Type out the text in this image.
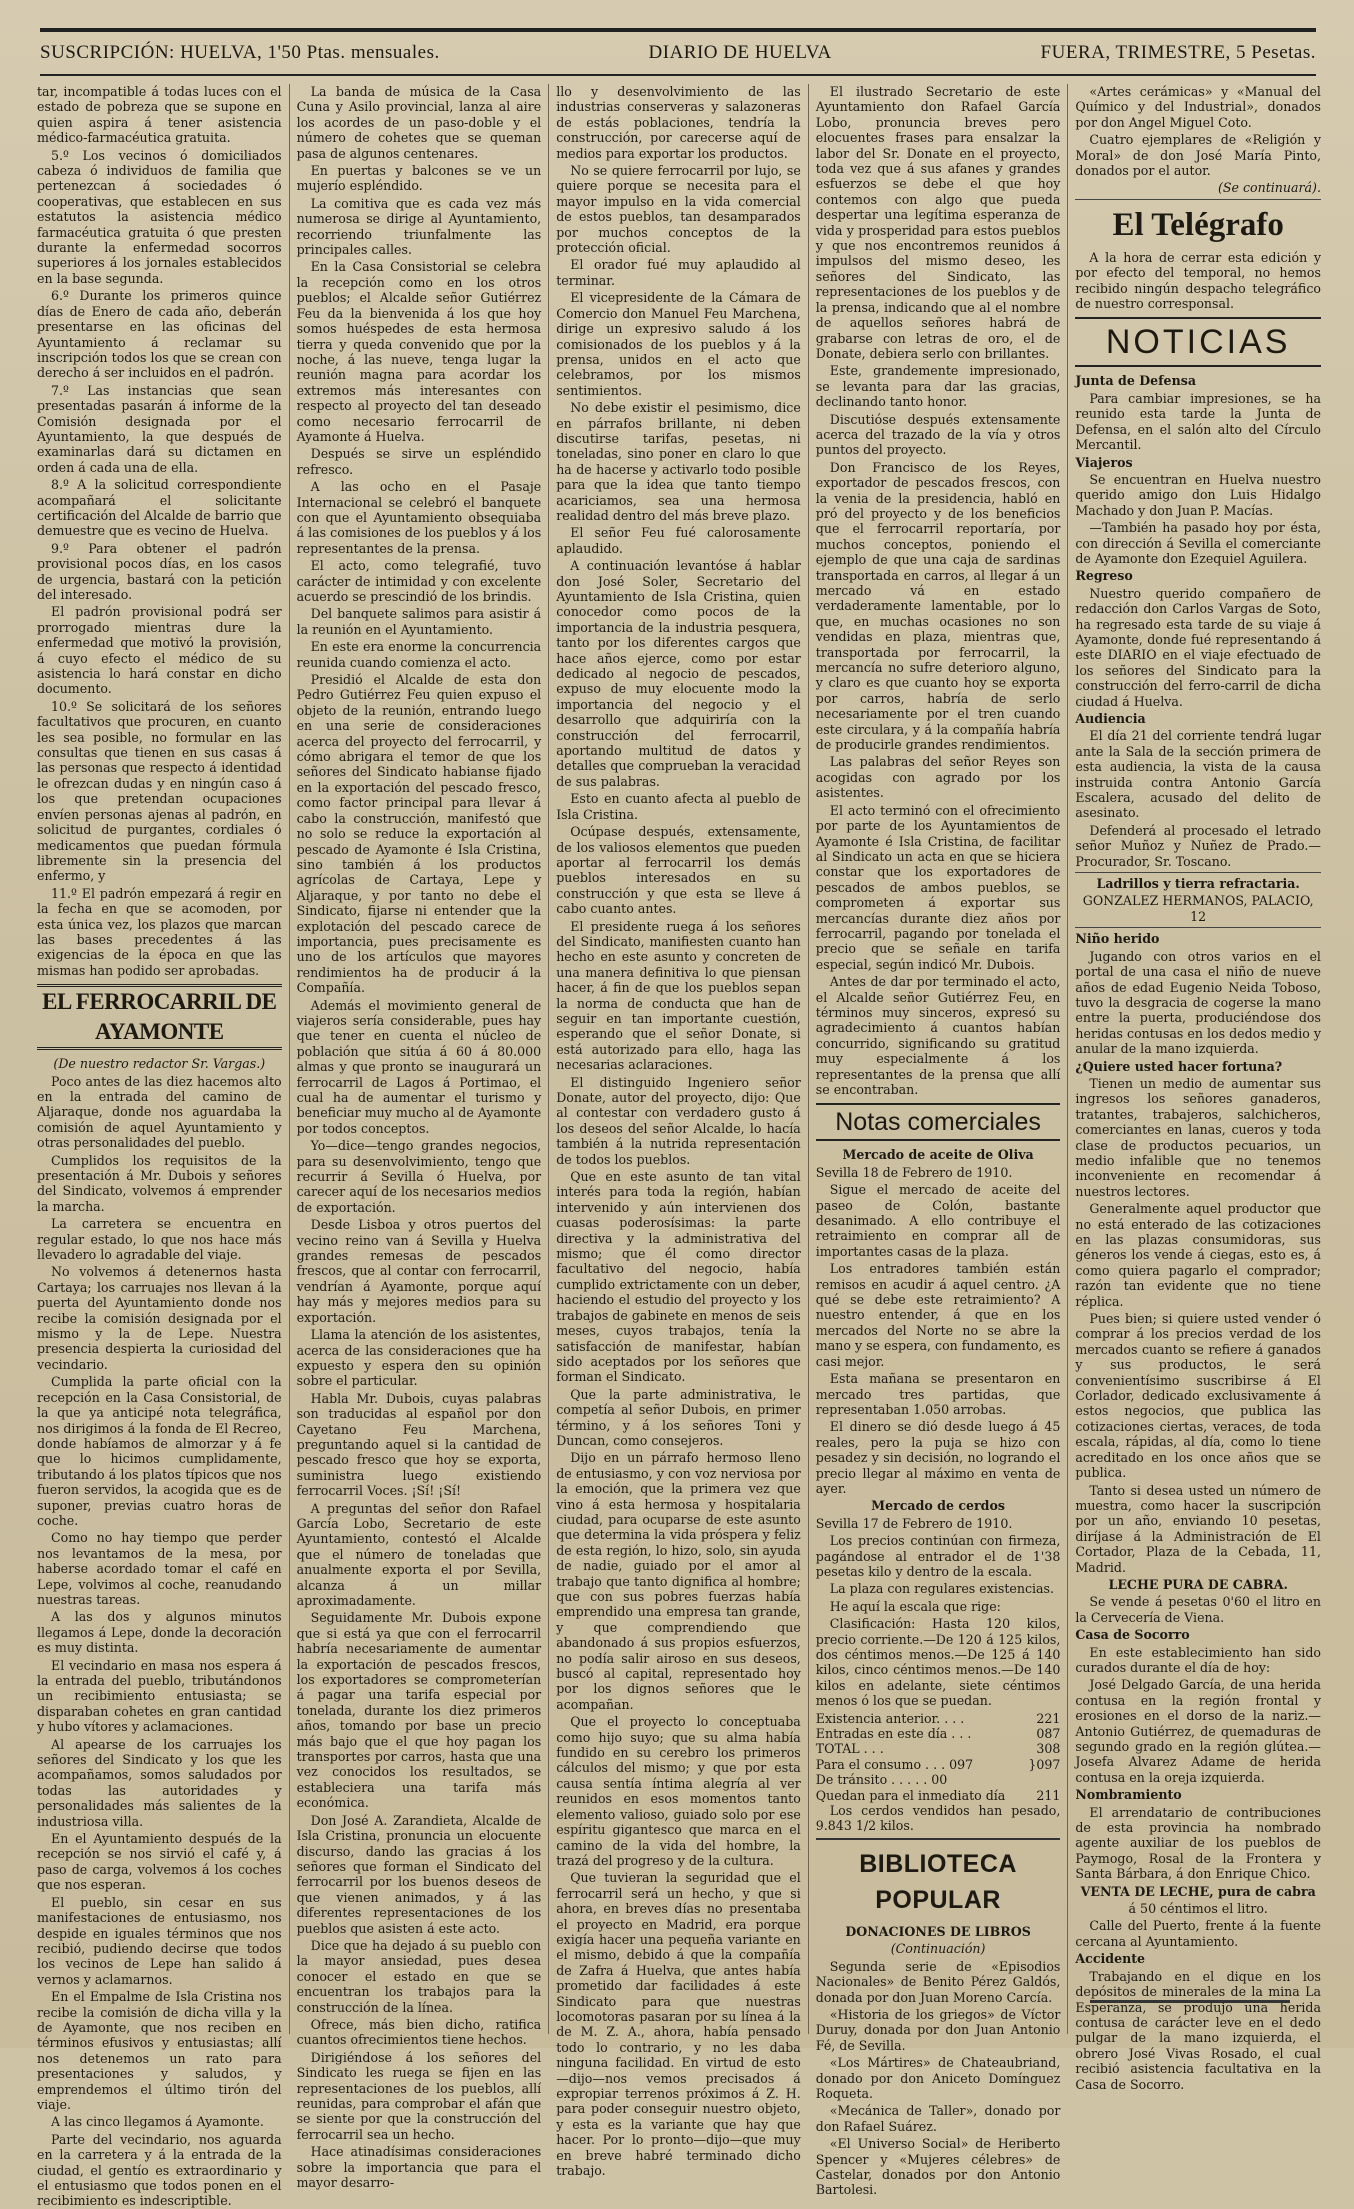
SUSCRIPCIÓN: HUELVA, 1'50 Ptas. mensuales.	DIARIO DE HUELVA	FUERA, TRIMESTRE, 5 Pesetas.

tar, incompatible á todas luces con el estado de pobreza que se supone en quien aspira á tener asistencia médico-farmacéutica gratuita.

5.º Los vecinos ó domiciliados cabeza ó individuos de familia que pertenezcan á sociedades ó cooperativas, que establecen en sus estatutos la asistencia médico farmacéutica gratuita ó que presten durante la enfermedad socorros superiores á los jornales establecidos en la base segunda.

6.º Durante los primeros quince días de Enero de cada año, deberán presentarse en las oficinas del Ayuntamiento á reclamar su inscripción todos los que se crean con derecho á ser incluidos en el padrón.

7.º Las instancias que sean presentadas pasarán á informe de la Comisión designada por el Ayuntamiento, la que después de examinarlas dará su dictamen en orden á cada una de ella.

8.º A la solicitud correspondiente acompañará el solicitante certificación del Alcalde de barrio que demuestre que es vecino de Huelva.

9.º Para obtener el padrón provisional pocos días, en los casos de urgencia, bastará con la petición del interesado.

El padrón provisional podrá ser prorrogado mientras dure la enfermedad que motivó la provisión, á cuyo efecto el médico de su asistencia lo hará constar en dicho documento.

10.º Se solicitará de los señores facultativos que procuren, en cuanto les sea posible, no formular en las consultas que tienen en sus casas á las personas que respecto á identidad le ofrezcan dudas y en ningún caso á los que pretendan ocupaciones envíen personas ajenas al padrón, en solicitud de purgantes, cordiales ó medicamentos que puedan fórmula libremente sin la presencia del enfermo, y

11.º El padrón empezará á regir en la fecha en que se acomoden, por esta única vez, los plazos que marcan las bases precedentes á las exigencias de la época en que las mismas han podido ser aprobadas.

EL FERROCARRIL DE AYAMONTE

(De nuestro redactor Sr. Vargas.)

Poco antes de las diez hacemos alto en la entrada del camino de Aljaraque, donde nos aguardaba la comisión de aquel Ayuntamiento y otras personalidades del pueblo.

Cumplidos los requisitos de la presentación á Mr. Dubois y señores del Sindicato, volvemos á emprender la marcha.

La carretera se encuentra en regular estado, lo que nos hace más llevadero lo agradable del viaje.

No volvemos á detenernos hasta Cartaya; los carruajes nos llevan á la puerta del Ayuntamiento donde nos recibe la comisión designada por el mismo y la de Lepe. Nuestra presencia despierta la curiosidad del vecindario.

Cumplida la parte oficial con la recepción en la Casa Consistorial, de la que ya anticipé nota telegráfica, nos dirigimos á la fonda de El Recreo, donde habíamos de almorzar y á fe que lo hicimos cumplidamente, tributando á los platos típicos que nos fueron servidos, la acogida que es de suponer, previas cuatro horas de coche.

Como no hay tiempo que perder nos levantamos de la mesa, por haberse acordado tomar el café en Lepe, volvimos al coche, reanudando nuestras tareas.

A las dos y algunos minutos llegamos á Lepe, donde la decoración es muy distinta.

El vecindario en masa nos espera á la entrada del pueblo, tributándonos un recibimiento entusiasta; se disparaban cohetes en gran cantidad y hubo vítores y aclamaciones.

Al apearse de los carruajes los señores del Sindicato y los que les acompañamos, somos saludados por todas las autoridades y personalidades más salientes de la industriosa villa.

En el Ayuntamiento después de la recepción se nos sirvió el café y, á paso de carga, volvemos á los coches que nos esperan.

El pueblo, sin cesar en sus manifestaciones de entusiasmo, nos despide en iguales términos que nos recibió, pudiendo decirse que todos los vecinos de Lepe han salido á vernos y aclamarnos.

En el Empalme de Isla Cristina nos recibe la comisión de dicha villa y la de Ayamonte, que nos reciben en términos efusivos y entusiastas; allí nos detenemos un rato para presentaciones y saludos, y emprendemos el último tirón del viaje.

A las cinco llegamos á Ayamonte.

Parte del vecindario, nos aguarda en la carretera y á la entrada de la ciudad, el gentío es extraordinario y el entusiasmo que todos ponen en el recibimiento es indescriptible.

La banda de música de la Casa Cuna y Asilo provincial, lanza al aire los acordes de un paso-doble y el número de cohetes que se queman pasa de algunos centenares.

En puertas y balcones se ve un mujerío espléndido.

La comitiva que es cada vez más numerosa se dirige al Ayuntamiento, recorriendo triunfalmente las principales calles.

En la Casa Consistorial se celebra la recepción como en los otros pueblos; el Alcalde señor Gutiérrez Feu da la bienvenida á los que hoy somos huéspedes de esta hermosa tierra y queda convenido que por la noche, á las nueve, tenga lugar la reunión magna para acordar los extremos más interesantes con respecto al proyecto del tan deseado como necesario ferrocarril de Ayamonte á Huelva.

Después se sirve un espléndido refresco.

A las ocho en el Pasaje Internacional se celebró el banquete con que el Ayuntamiento obsequiaba á las comisiones de los pueblos y á los representantes de la prensa.

El acto, como telegrafié, tuvo carácter de intimidad y con excelente acuerdo se prescindió de los brindis.

Del banquete salimos para asistir á la reunión en el Ayuntamiento.

En este era enorme la concurrencia reunida cuando comienza el acto.

Presidió el Alcalde de esta don Pedro Gutiérrez Feu quien expuso el objeto de la reunión, entrando luego en una serie de consideraciones acerca del proyecto del ferrocarril, y cómo abrigara el temor de que los señores del Sindicato habianse fijado en la exportación del pescado fresco, como factor principal para llevar á cabo la construcción, manifestó que no solo se reduce la exportación al pescado de Ayamonte é Isla Cristina, sino también á los productos agrícolas de Cartaya, Lepe y Aljaraque, y por tanto no debe el Sindicato, fijarse ni entender que la explotación del pescado carece de importancia, pues precisamente es uno de los artículos que mayores rendimientos ha de producir á la Compañía.

Además el movimiento general de viajeros sería considerable, pues hay que tener en cuenta el núcleo de población que sitúa á 60 á 80.000 almas y que pronto se inaugurará un ferrocarril de Lagos á Portimao, el cual ha de aumentar el turismo y beneficiar muy mucho al de Ayamonte por todos conceptos.

Yo—dice—tengo grandes negocios, para su desenvolvimiento, tengo que recurrir á Sevilla ó Huelva, por carecer aquí de los necesarios medios de exportación.

Desde Lisboa y otros puertos del vecino reino van á Sevilla y Huelva grandes remesas de pescados frescos, que al contar con ferrocarril, vendrían á Ayamonte, porque aquí hay más y mejores medios para su exportación.

Llama la atención de los asistentes, acerca de las consideraciones que ha expuesto y espera den su opinión sobre el particular.

Habla Mr. Dubois, cuyas palabras son traducidas al español por don Cayetano Feu Marchena, preguntando aquel si la cantidad de pescado fresco que hoy se exporta, suministra luego existiendo ferrocarril Voces. ¡Sí! ¡Sí!

A preguntas del señor don Rafael García Lobo, Secretario de este Ayuntamiento, contestó el Alcalde que el número de toneladas que anualmente exporta el por Sevilla, alcanza á un millar aproximadamente.

Seguidamente Mr. Dubois expone que si está ya que con el ferrocarril habría necesariamente de aumentar la exportación de pescados frescos, los exportadores se comprometerían á pagar una tarifa especial por tonelada, durante los diez primeros años, tomando por base un precio más bajo que el que hoy pagan los transportes por carros, hasta que una vez conocidos los resultados, se estableciera una tarifa más económica.

Don José A. Zarandieta, Alcalde de Isla Cristina, pronuncia un elocuente discurso, dando las gracias á los señores que forman el Sindicato del ferrocarril por los buenos deseos de que vienen animados, y á las diferentes representaciones de los pueblos que asisten á este acto.

Dice que ha dejado á su pueblo con la mayor ansiedad, pues desea conocer el estado en que se encuentran los trabajos para la construcción de la línea.

Ofrece, más bien dicho, ratifica cuantos ofrecimientos tiene hechos.

Dirigiéndose á los señores del Sindicato les ruega se fijen en las representaciones de los pueblos, allí reunidas, para comprobar el afán que se siente por que la construcción del ferrocarril sea un hecho.

Hace atinadísimas consideraciones sobre la importancia que para el mayor desarro-

llo y desenvolvimiento de las industrias conserveras y salazoneras de estás poblaciones, tendría la construcción, por carecerse aquí de medios para exportar los productos.

No se quiere ferrocarril por lujo, se quiere porque se necesita para el mayor impulso en la vida comercial de estos pueblos, tan desamparados por muchos conceptos de la protección oficial.

El orador fué muy aplaudido al terminar.

El vicepresidente de la Cámara de Comercio don Manuel Feu Marchena, dirige un expresivo saludo á los comisionados de los pueblos y á la prensa, unidos en el acto que celebramos, por los mismos sentimientos.

No debe existir el pesimismo, dice en párrafos brillante, ni deben discutirse tarifas, pesetas, ni toneladas, sino poner en claro lo que ha de hacerse y activarlo todo posible para que la idea que tanto tiempo acariciamos, sea una hermosa realidad dentro del más breve plazo.

El señor Feu fué calorosamente aplaudido.

A continuación levantóse á hablar don José Soler, Secretario del Ayuntamiento de Isla Cristina, quien conocedor como pocos de la importancia de la industria pesquera, tanto por los diferentes cargos que hace años ejerce, como por estar dedicado al negocio de pescados, expuso de muy elocuente modo la importancia del negocio y el desarrollo que adquiriría con la construcción del ferrocarril, aportando multitud de datos y detalles que comprueban la veracidad de sus palabras.

Esto en cuanto afecta al pueblo de Isla Cristina.

Ocúpase después, extensamente, de los valiosos elementos que pueden aportar al ferrocarril los demás pueblos interesados en su construcción y que esta se lleve á cabo cuanto antes.

El presidente ruega á los señores del Sindicato, manifiesten cuanto han hecho en este asunto y concreten de una manera definitiva lo que piensan hacer, á fin de que los pueblos sepan la norma de conducta que han de seguir en tan importante cuestión, esperando que el señor Donate, si está autorizado para ello, haga las necesarias aclaraciones.

El distinguido Ingeniero señor Donate, autor del proyecto, dijo: Que al contestar con verdadero gusto á los deseos del señor Alcalde, lo hacía también á la nutrida representación de todos los pueblos.

Que en este asunto de tan vital interés para toda la región, habían intervenido y aún intervienen dos cuasas poderosísimas: la parte directiva y la administrativa del mismo; que él como director facultativo del negocio, había cumplido extrictamente con un deber, haciendo el estudio del proyecto y los trabajos de gabinete en menos de seis meses, cuyos trabajos, tenía la satisfacción de manifestar, habían sido aceptados por los señores que forman el Sindicato.

Que la parte administrativa, le competía al señor Dubois, en primer término, y á los señores Toni y Duncan, como consejeros.

Dijo en un párrafo hermoso lleno de entusiasmo, y con voz nerviosa por la emoción, que la primera vez que vino á esta hermosa y hospitalaria ciudad, para ocuparse de este asunto que determina la vida próspera y feliz de esta región, lo hizo, solo, sin ayuda de nadie, guiado por el amor al trabajo que tanto dignifica al hombre; que con sus pobres fuerzas había emprendido una empresa tan grande, y que comprendiendo que abandonado á sus propios esfuerzos, no podía salir airoso en sus deseos, buscó al capital, representado hoy por los dignos señores que le acompañan.

Que el proyecto lo conceptuaba como hijo suyo; que su alma había fundido en su cerebro los primeros cálculos del mismo; y que por esta causa sentía íntima alegría al ver reunidos en esos momentos tanto elemento valioso, guiado solo por ese espíritu gigantesco que marca en el camino de la vida del hombre, la trazá del progreso y de la cultura.

Que tuvieran la seguridad que el ferrocarril será un hecho, y que si ahora, en breves días no presentaba el proyecto en Madrid, era porque exigía hacer una pequeña variante en el mismo, debido á que la compañía de Zafra á Huelva, que antes había prometido dar facilidades á este Sindicato para que nuestras locomotoras pasaran por su línea á la de M. Z. A., ahora, había pensado todo lo contrario, y no les daba ninguna facilidad. En virtud de esto —dijo—nos vemos precisados á expropiar terrenos próximos á Z. H. para poder conseguir nuestro objeto, y esta es la variante que hay que hacer. Por lo pronto—dijo—que muy en breve habré terminado dicho trabajo.

El ilustrado Secretario de este Ayuntamiento don Rafael García Lobo, pronuncia breves pero elocuentes frases para ensalzar la labor del Sr. Donate en el proyecto, toda vez que á sus afanes y grandes esfuerzos se debe el que hoy contemos con algo que pueda despertar una legítima esperanza de vida y prosperidad para estos pueblos y que nos encontremos reunidos á impulsos del mismo deseo, les señores del Sindicato, las representaciones de los pueblos y de la prensa, indicando que al el nombre de aquellos señores habrá de grabarse con letras de oro, el de Donate, debiera serlo con brillantes.

Este, grandemente impresionado, se levanta para dar las gracias, declinando tanto honor.

Discutióse después extensamente acerca del trazado de la vía y otros puntos del proyecto.

Don Francisco de los Reyes, exportador de pescados frescos, con la venia de la presidencia, habló en pró del proyecto y de los beneficios que el ferrocarril reportaría, por muchos conceptos, poniendo el ejemplo de que una caja de sardinas transportada en carros, al llegar á un mercado vá en estado verdaderamente lamentable, por lo que, en muchas ocasiones no son vendidas en plaza, mientras que, transportada por ferrocarril, la mercancía no sufre deterioro alguno, y claro es que cuanto hoy se exporta por carros, habría de serlo necesariamente por el tren cuando este circulara, y á la compañía habría de producirle grandes rendimientos.

Las palabras del señor Reyes son acogidas con agrado por los asistentes.

El acto terminó con el ofrecimiento por parte de los Ayuntamientos de Ayamonte é Isla Cristina, de facilitar al Sindicato un acta en que se hiciera constar que los exportadores de pescados de ambos pueblos, se comprometen á exportar sus mercancías durante diez años por ferrocarril, pagando por tonelada el precio que se señale en tarifa especial, según indicó Mr. Dubois.

Antes de dar por terminado el acto, el Alcalde señor Gutiérrez Feu, en términos muy sinceros, expresó su agradecimiento á cuantos habían concurrido, significando su gratitud muy especialmente á los representantes de la prensa que allí se encontraban.

Notas comerciales

Mercado de aceite de Oliva

Sevilla 18 de Febrero de 1910.

Sigue el mercado de aceite del paseo de Colón, bastante desanimado. A ello contribuye el retraimiento en comprar all de importantes casas de la plaza.

Los entradores también están remisos en acudir á aquel centro. ¿A qué se debe este retraimiento? A nuestro entender, á que en los mercados del Norte no se abre la mano y se espera, con fundamento, es casi mejor.

Esta mañana se presentaron en mercado tres partidas, que representaban 1.050 arrobas.

El dinero se dió desde luego á 45 reales, pero la puja se hizo con pesadez y sin decisión, no logrando el precio llegar al máximo en venta de ayer.

Mercado de cerdos

Sevilla 17 de Febrero de 1910.

Los precios continúan con firmeza, pagándose al entrador el de 1'38 pesetas kilo y dentro de la escala.

La plaza con regulares existencias.

He aquí la escala que rige:

Clasificación: Hasta 120 kilos, precio corriente.—De 120 á 125 kilos, dos céntimos menos.—De 125 á 140 kilos, cinco céntimos menos.—De 140 kilos en adelante, siete céntimos menos ó los que se puedan.

Existencia anterior. . . .	221
Entradas en este día . . .	087
TOTAL . . .	308
Para el consumo . . . 097	}097
De tránsito . . . . . 00	
Quedan para el inmediato día	211

Los cerdos vendidos han pesado, 9.843 1/2 kilos.

BIBLIOTECA POPULAR

DONACIONES DE LIBROS

(Continuación)

Segunda serie de «Episodios Nacionales» de Benito Pérez Galdós, donada por don Juan Moreno Carcía.

«Historia de los griegos» de Víctor Duruy, donada por don Juan Antonio Fé, de Sevilla.

«Los Mártires» de Chateaubriand, donado por don Aniceto Domínguez Roqueta.

«Mecánica de Taller», donado por don Rafael Suárez.

«El Universo Social» de Heriberto Spencer y «Mujeres célebres» de Castelar, donados por don Antonio Bartolesi.

«Artes cerámicas» y «Manual del Químico y del Industrial», donados por don Angel Miguel Coto.

Cuatro ejemplares de «Religión y Moral» de don José María Pinto, donados por el autor.

(Se continuará).

El Telégrafo

A la hora de cerrar esta edición y por efecto del temporal, no hemos recibido ningún despacho telegráfico de nuestro corresponsal.

NOTICIAS

Junta de Defensa

Para cambiar impresiones, se ha reunido esta tarde la Junta de Defensa, en el salón alto del Círculo Mercantil.

Viajeros

Se encuentran en Huelva nuestro querido amigo don Luis Hidalgo Machado y don Juan P. Macías.

—También ha pasado hoy por ésta, con dirección á Sevilla el comerciante de Ayamonte don Ezequiel Aguilera.

Regreso

Nuestro querido compañero de redacción don Carlos Vargas de Soto, ha regresado esta tarde de su viaje á Ayamonte, donde fué representando á este DIARIO en el viaje efectuado de los señores del Sindicato para la construcción del ferro-carril de dicha ciudad á Huelva.

Audiencia

El día 21 del corriente tendrá lugar ante la Sala de la sección primera de esta audiencia, la vista de la causa instruida contra Antonio García Escalera, acusado del delito de asesinato.

Defenderá al procesado el letrado señor Muñoz y Nuñez de Prado.—Procurador, Sr. Toscano.

Ladrillos y tierra refractaria.

GONZALEZ HERMANOS, PALACIO, 12

Niño herido

Jugando con otros varios en el portal de una casa el niño de nueve años de edad Eugenio Neida Toboso, tuvo la desgracia de cogerse la mano entre la puerta, produciéndose dos heridas contusas en los dedos medio y anular de la mano izquierda.

¿Quiere usted hacer fortuna?

Tienen un medio de aumentar sus ingresos los señores ganaderos, tratantes, trabajeros, salchicheros, comerciantes en lanas, cueros y toda clase de productos pecuarios, un medio infalible que no tenemos inconveniente en recomendar á nuestros lectores.

Generalmente aquel productor que no está enterado de las cotizaciones en las plazas consumidoras, sus géneros los vende á ciegas, esto es, á como quiera pagarlo el comprador; razón tan evidente que no tiene réplica.

Pues bien; si quiere usted vender ó comprar á los precios verdad de los mercados cuanto se refiere á ganados y sus productos, le será convenientísimo suscribirse á El Corlador, dedicado exclusivamente á estos negocios, que publica las cotizaciones ciertas, veraces, de toda escala, rápidas, al día, como lo tiene acreditado en los once años que se publica.

Tanto si desea usted un número de muestra, como hacer la suscripción por un año, enviando 10 pesetas, diríjase á la Administración de El Cortador, Plaza de la Cebada, 11, Madrid.

LECHE PURA DE CABRA.

Se vende á pesetas 0'60 el litro en la Cervecería de Viena.

Casa de Socorro

En este establecimiento han sido curados durante el día de hoy:

José Delgado García, de una herida contusa en la región frontal y erosiones en el dorso de la nariz.—Antonio Gutiérrez, de quemaduras de segundo grado en la región glútea.—Josefa Alvarez Adame de herida contusa en la oreja izquierda.

Nombramiento

El arrendatario de contribuciones de esta provincia ha nombrado agente auxiliar de los pueblos de Paymogo, Rosal de la Frontera y Santa Bárbara, á don Enrique Chico.

VENTA DE LECHE, pura de cabra

á 50 céntimos el litro.

Calle del Puerto, frente á la fuente cercana al Ayuntamiento.

Accidente

Trabajando en el dique en los depósitos de minerales de la mina La Esperanza, se produjo una herida contusa de carácter leve en el dedo pulgar de la mano izquierda, el obrero José Vivas Rosado, el cual recibió asistencia facultativa en la Casa de Socorro.
